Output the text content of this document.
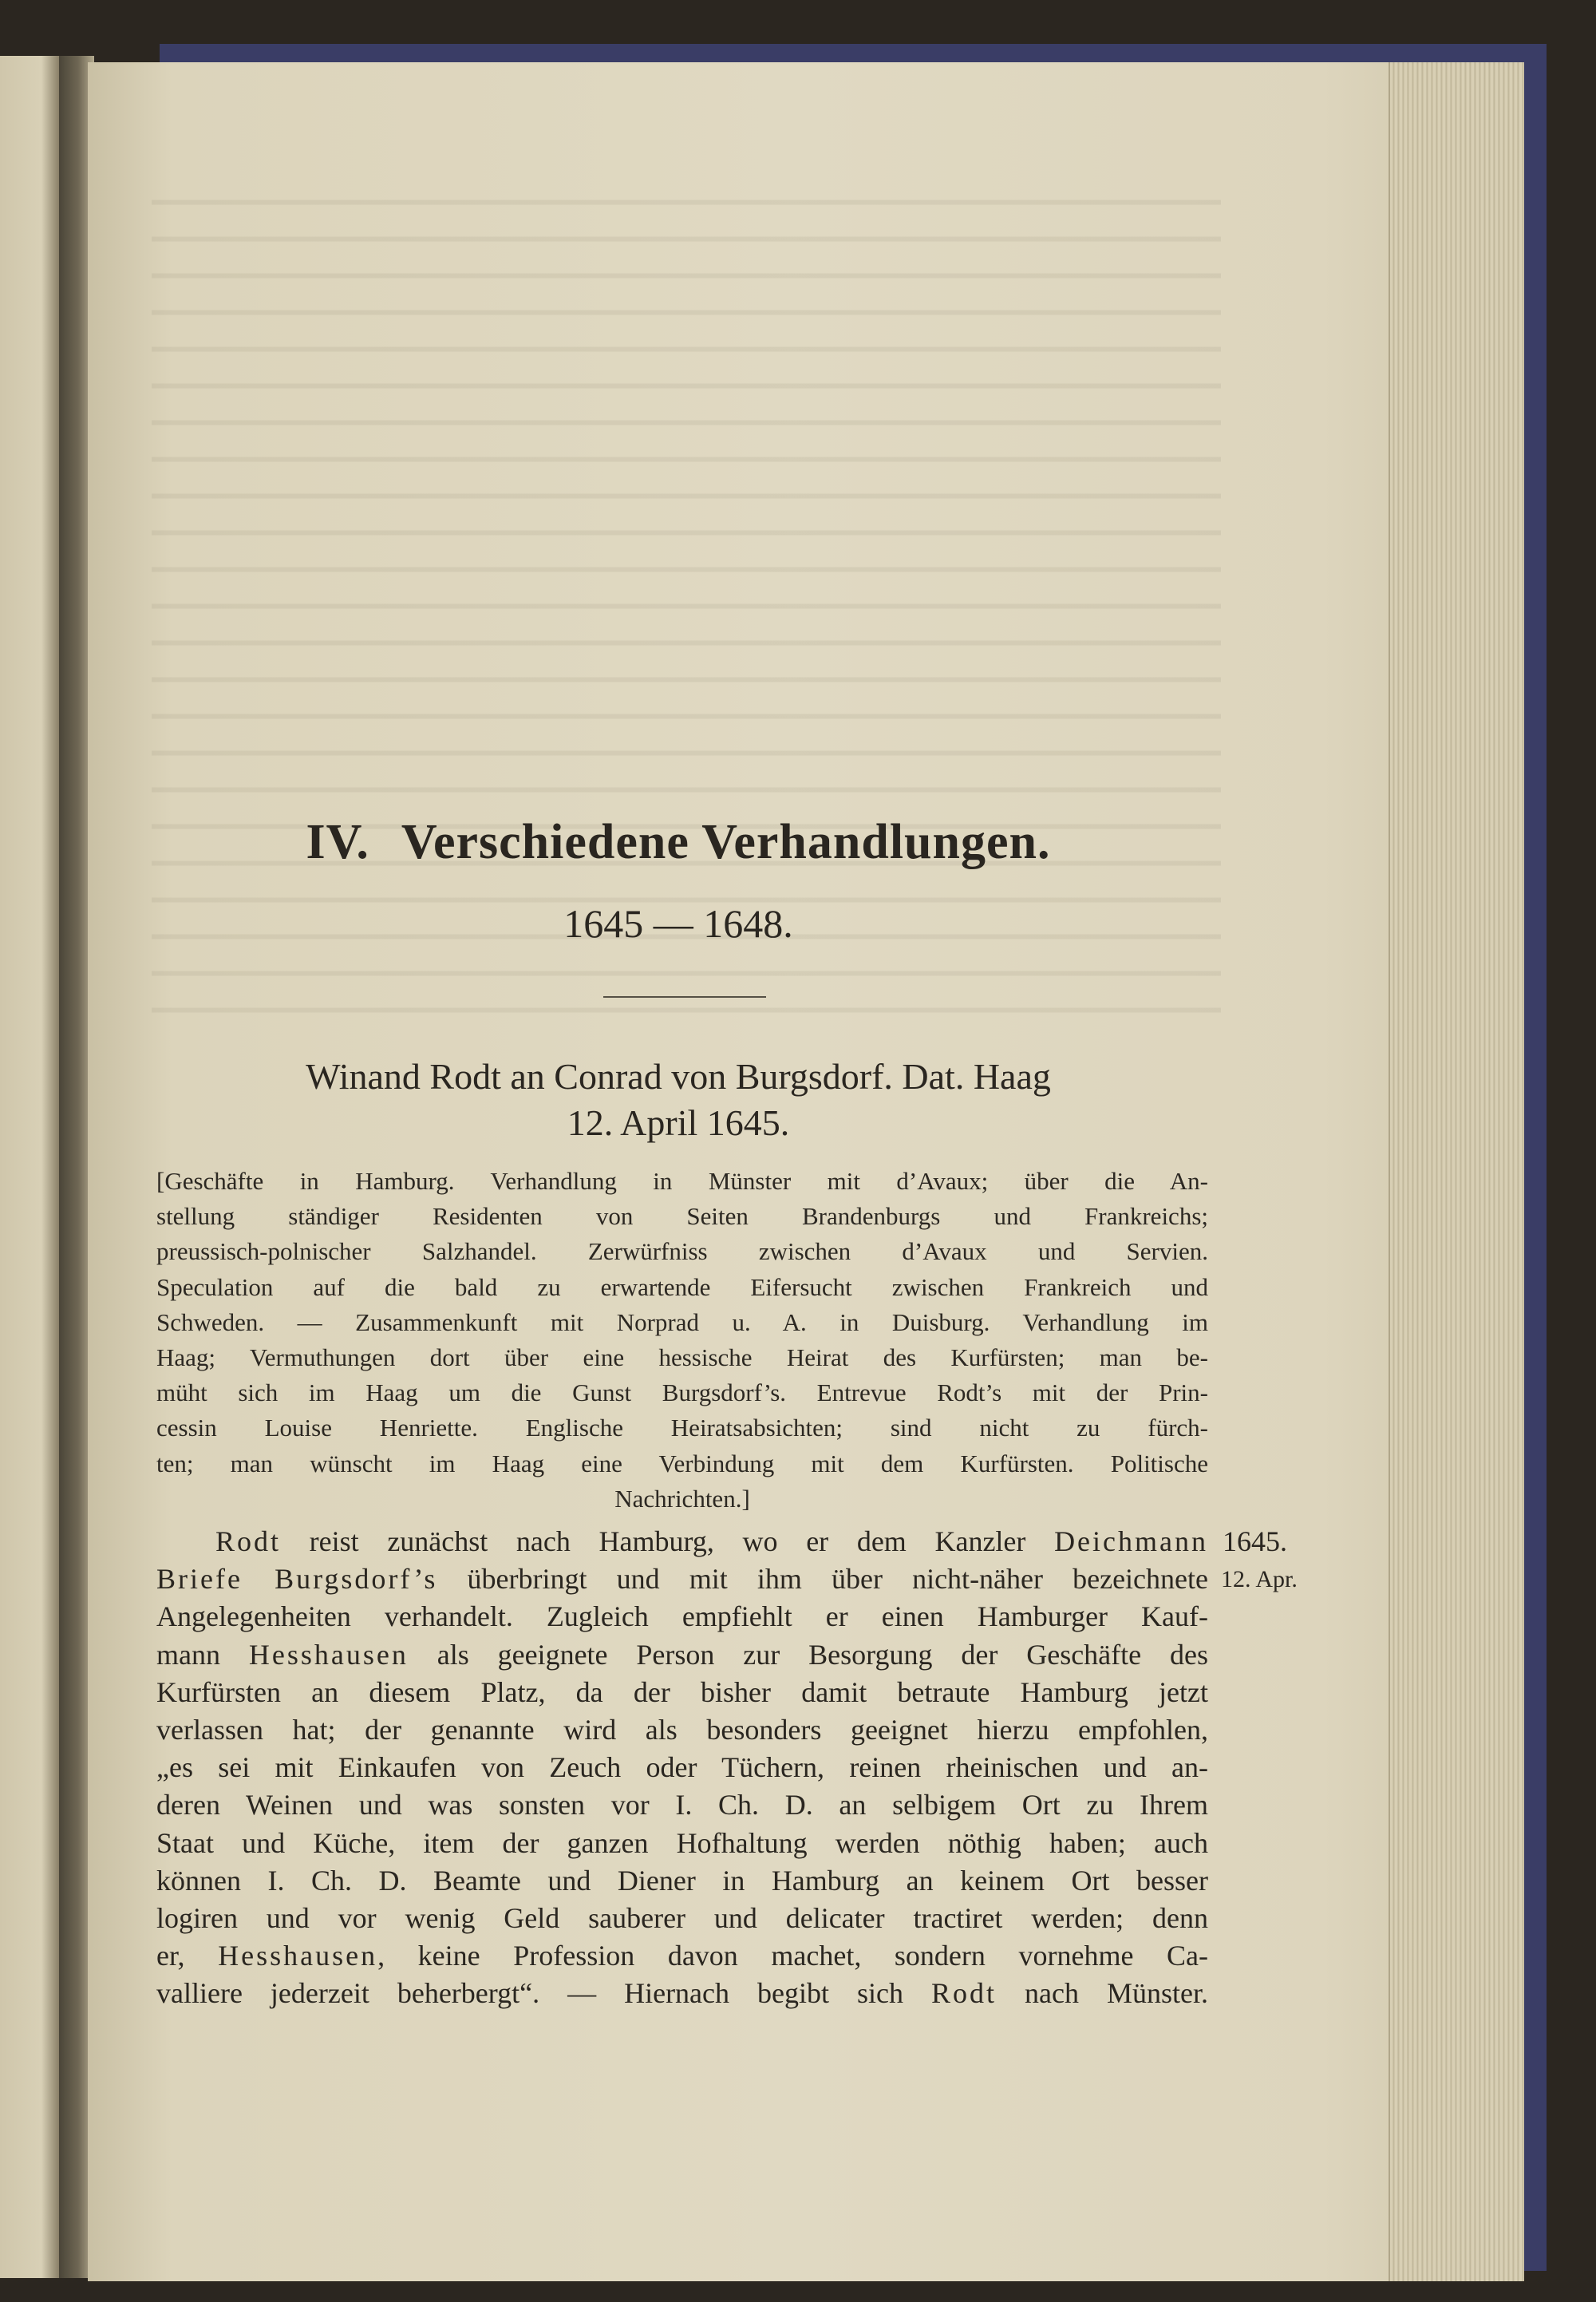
IV. Verschiedene Verhandlungen.
1645 — 1648.
Winand Rodt an Conrad von Burgsdorf. Dat. Haag
12. April 1645.
[Geschäfte in Hamburg. Verhandlung in Münster mit d’Avaux; über die An-
stellung ständiger Residenten von Seiten Brandenburgs und Frankreichs;
preussisch-polnischer Salzhandel. Zerwürfniss zwischen d’Avaux und Servien.
Speculation auf die bald zu erwartende Eifersucht zwischen Frankreich und
Schweden. — Zusammenkunft mit Norprad u. A. in Duisburg. Verhandlung im
Haag; Vermuthungen dort über eine hessische Heirat des Kurfürsten; man be-
müht sich im Haag um die Gunst Burgsdorf’s. Entrevue Rodt’s mit der Prin-
cessin Louise Henriette. Englische Heiratsabsichten; sind nicht zu fürch-
ten; man wünscht im Haag eine Verbindung mit dem Kurfürsten. Politische
Nachrichten.]
Rodt reist zunächst nach Hamburg, wo er dem Kanzler Deichmann
Briefe Burgsdorf’s überbringt und mit ihm über nicht-näher bezeichnete
Angelegenheiten verhandelt. Zugleich empfiehlt er einen Hamburger Kauf-
mann Hesshausen als geeignete Person zur Besorgung der Geschäfte des
Kurfürsten an diesem Platz, da der bisher damit betraute Hamburg jetzt
verlassen hat; der genannte wird als besonders geeignet hierzu empfohlen,
„es sei mit Einkaufen von Zeuch oder Tüchern, reinen rheinischen und an-
deren Weinen und was sonsten vor I. Ch. D. an selbigem Ort zu Ihrem
Staat und Küche, item der ganzen Hofhaltung werden nöthig haben; auch
können I. Ch. D. Beamte und Diener in Hamburg an keinem Ort besser
logiren und vor wenig Geld sauberer und delicater tractiret werden; denn
er, Hesshausen, keine Profession davon machet, sondern vornehme Ca-
valliere jederzeit beherbergt“. — Hiernach begibt sich Rodt nach Münster.
1645.
12. Apr.
